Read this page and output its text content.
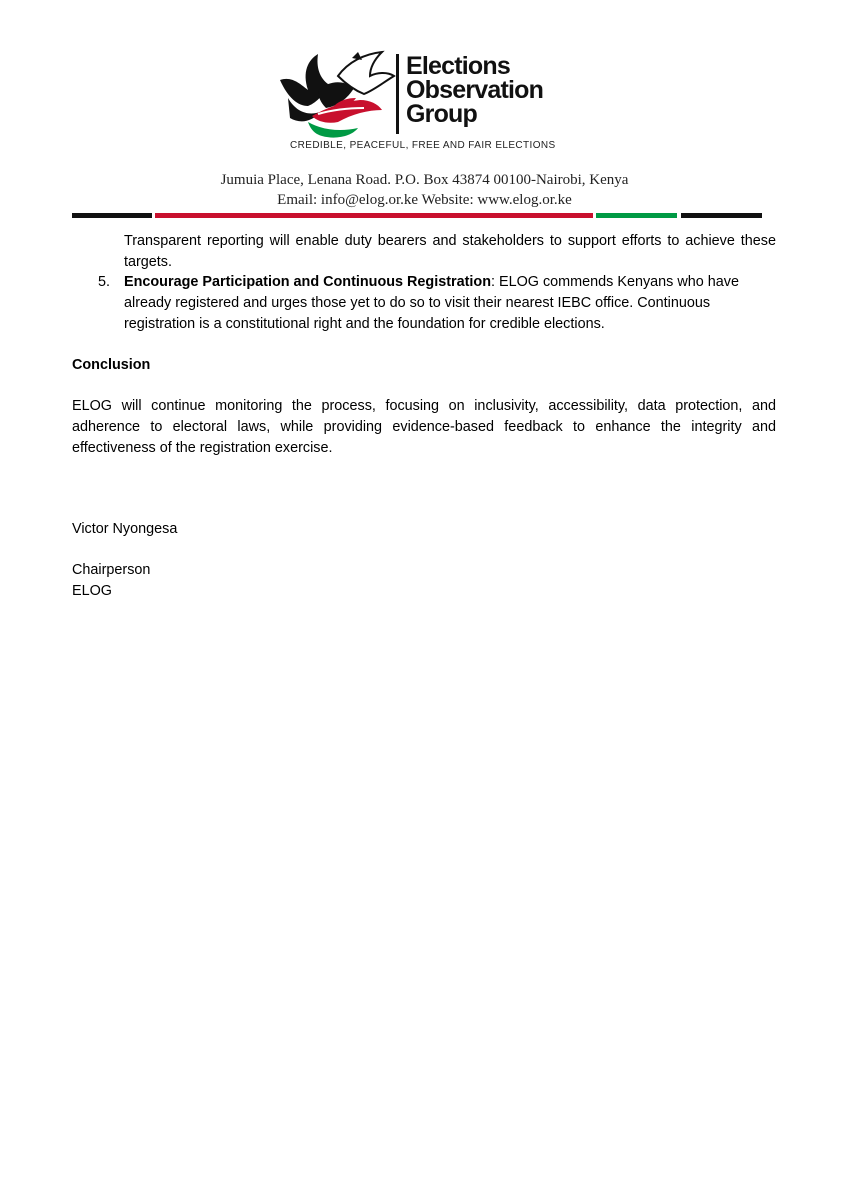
Elections
Observation
Group
CREDIBLE, PEACEFUL, FREE AND FAIR ELECTIONS
Jumuia Place, Lenana Road. P.O. Box 43874 00100-Nairobi, Kenya
Email: info@elog.or.ke Website: www.elog.or.ke
Transparent reporting will enable duty bearers and stakeholders to support efforts to achieve these targets.
5. Encourage Participation and Continuous Registration: ELOG commends Kenyans who have already registered and urges those yet to do so to visit their nearest IEBC office. Continuous registration is a constitutional right and the foundation for credible elections.
Conclusion
ELOG will continue monitoring the process, focusing on inclusivity, accessibility, data protection, and adherence to electoral laws, while providing evidence-based feedback to enhance the integrity and effectiveness of the registration exercise.
Victor Nyongesa
Chairperson
ELOG
